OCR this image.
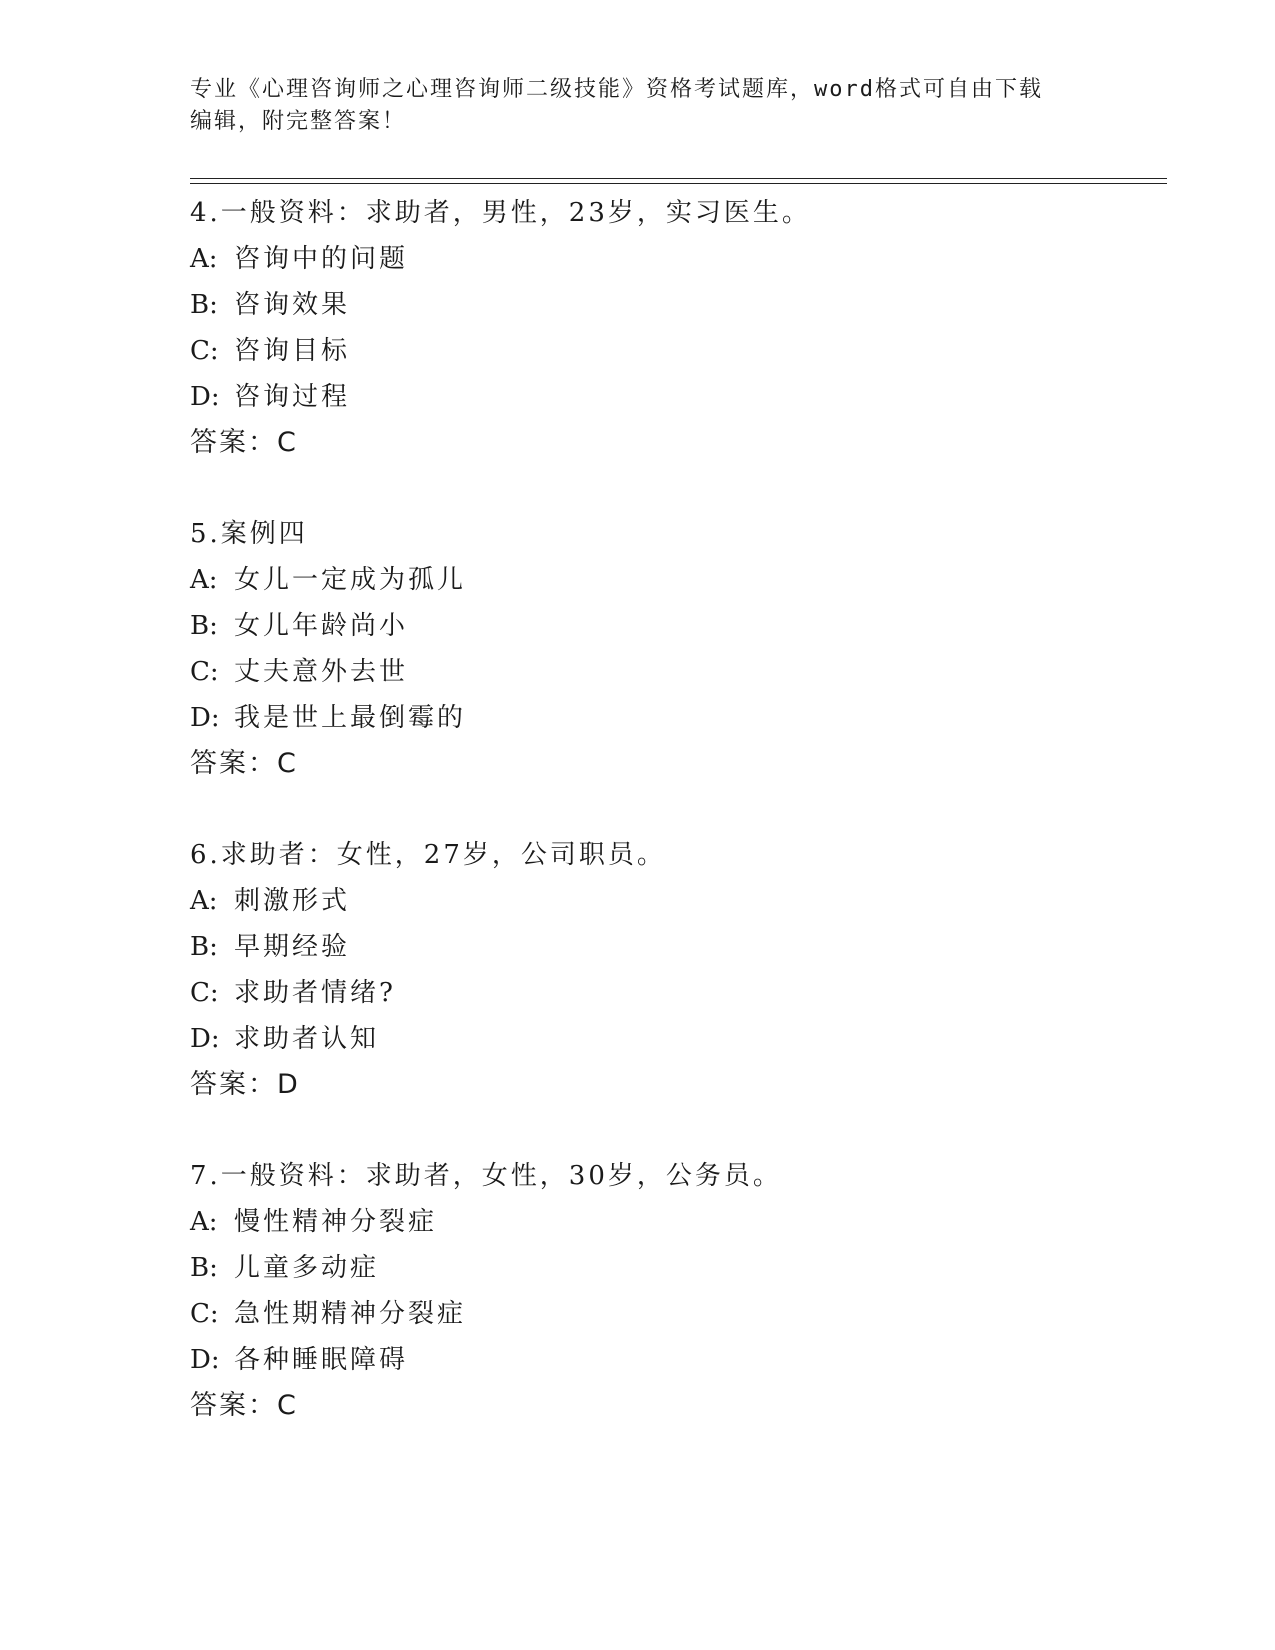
专业《心理咨询师之心理咨询师二级技能》资格考试题库，word格式可自由下载
编辑，附完整答案！
4.一般资料：求助者，男性，23岁，实习医生。
A: 咨询中的问题
B: 咨询效果
C: 咨询目标
D: 咨询过程
答案：C
5.案例四
A: 女儿一定成为孤儿
B: 女儿年龄尚小
C: 丈夫意外去世
D: 我是世上最倒霉的
答案：C
6.求助者：女性，27岁，公司职员。
A: 刺激形式
B: 早期经验
C: 求助者情绪?
D: 求助者认知
答案：D
7.一般资料：求助者，女性，30岁，公务员。
A: 慢性精神分裂症
B: 儿童多动症
C: 急性期精神分裂症
D: 各种睡眠障碍
答案：C
